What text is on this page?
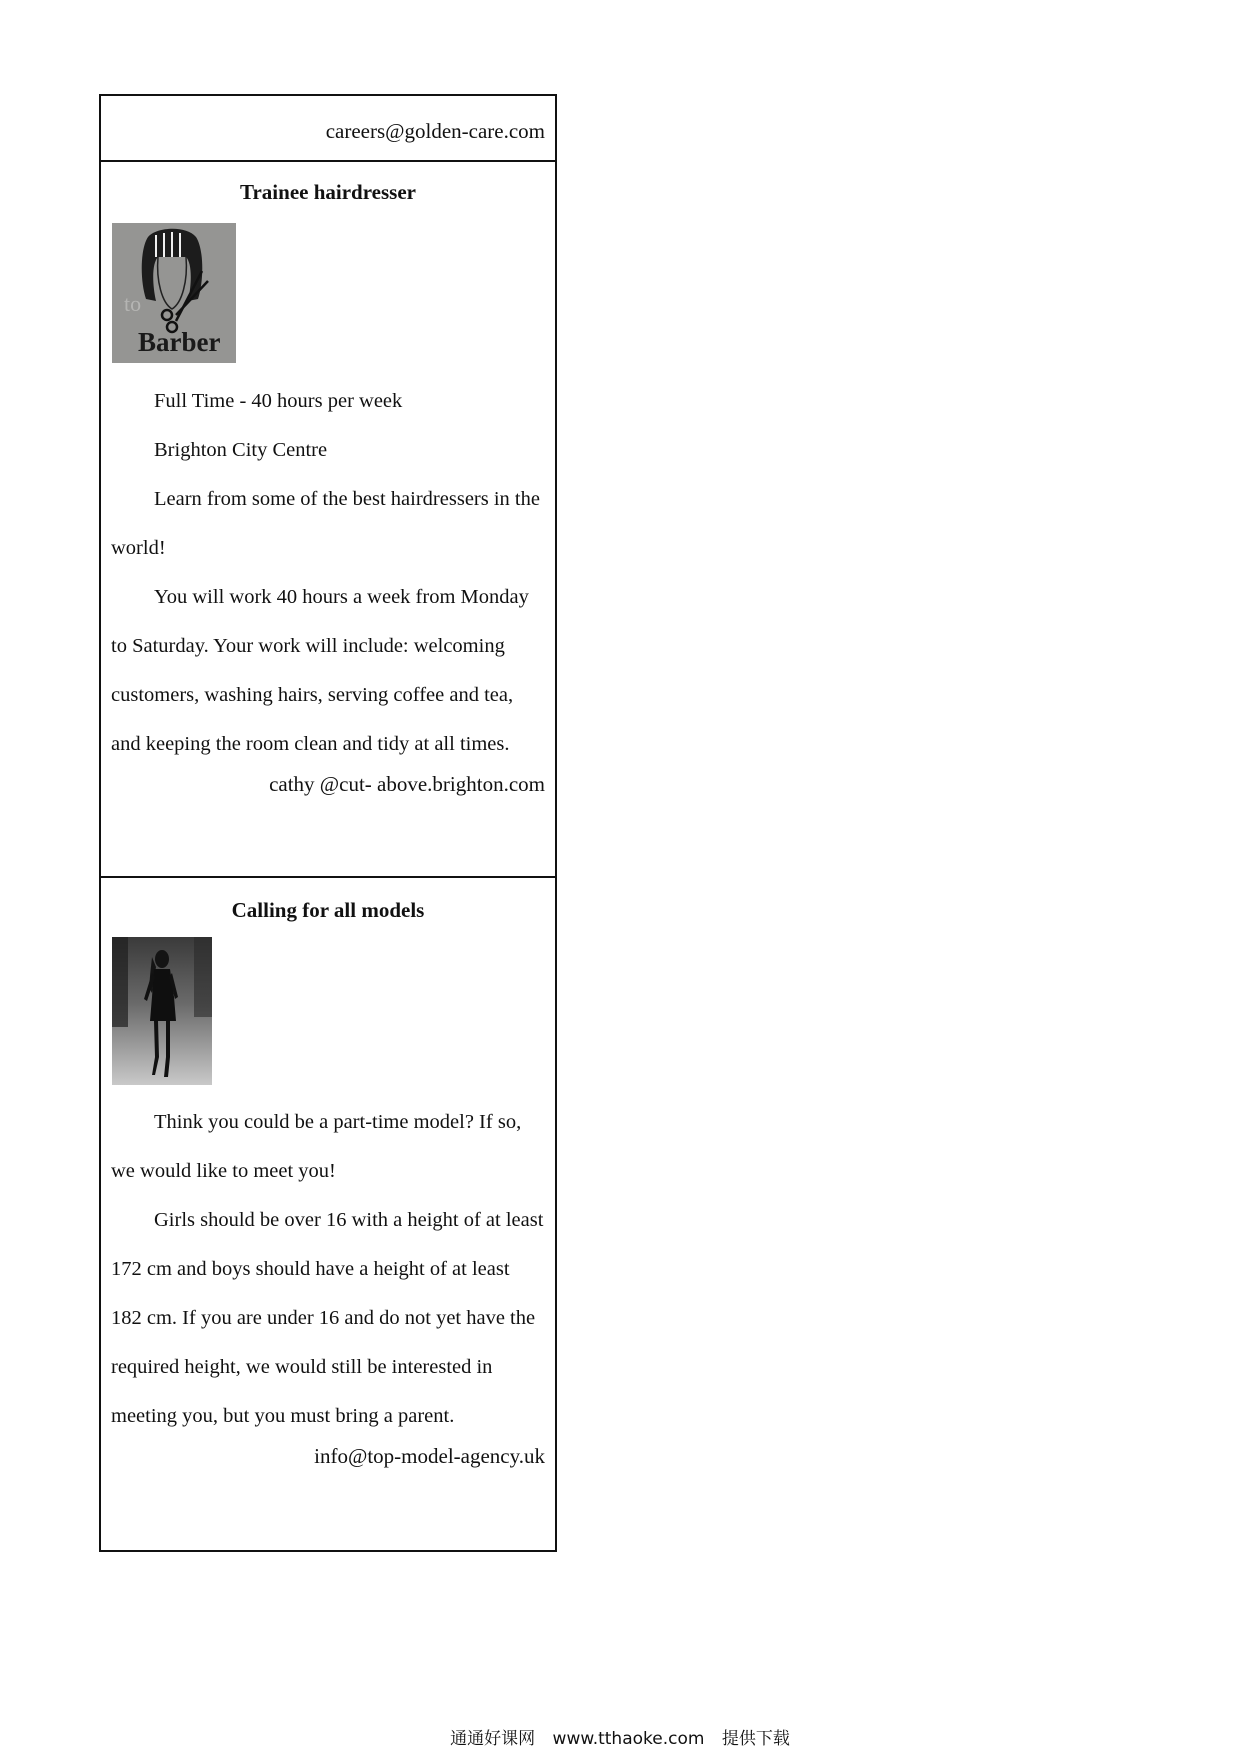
careers@golden-care.com
Trainee hairdresser
to
Barber

Full Time - 40 hours per week

Brighton City Centre

Learn from some of the best hairdressers in the world!

You will work 40 hours a week from Monday to Saturday. Your work will include: welcoming customers, washing hairs, serving coffee and tea, and keeping the room clean and tidy at all times.

cathy @cut- above.brighton.com
Calling for all models

Think you could be a part-time model? If so, we would like to meet you!

Girls should be over 16 with a height of at least 172 cm and boys should have a height of at least 182 cm. If you are under 16 and do not yet have the required height, we would still be interested in meeting you, but you must bring a parent.

info@top-model-agency.uk
通通好课网 www.tthaoke.com 提供下载
